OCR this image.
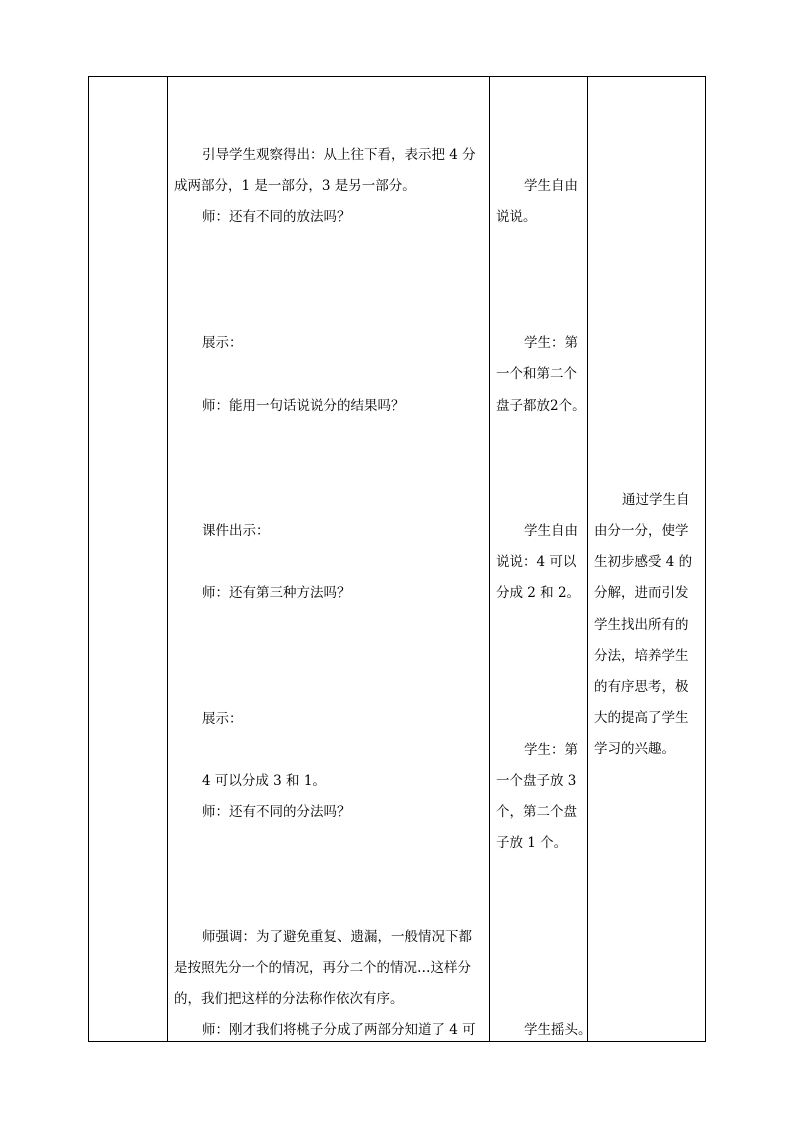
引导学生观察得出：从上往下看，表示把 4 分
成两部分，1 是一部分，3 是另一部分。
师：还有不同的放法吗？
展示：
师：能用一句话说说分的结果吗？
课件出示：
师：还有第三种方法吗？
展示：
4 可以分成 3 和 1。
师：还有不同的分法吗？
师强调：为了避免重复、遗漏，一般情况下都
是按照先分一个的情况，再分二个的情况…这样分
的，我们把这样的分法称作依次有序。
师：刚才我们将桃子分成了两部分知道了 4 可
学生自由
说说。
学生：第
一个和第二个
盘子都放2个。
学生自由
说说：4 可以
分成 2 和 2。
学生：第
一个盘子放 3
个，第二个盘
子放 1 个。
学生摇头。
通过学生自
由分一分，使学
生初步感受 4 的
分解，进而引发
学生找出所有的
分法，培养学生
的有序思考，极
大的提高了学生
学习的兴趣。
